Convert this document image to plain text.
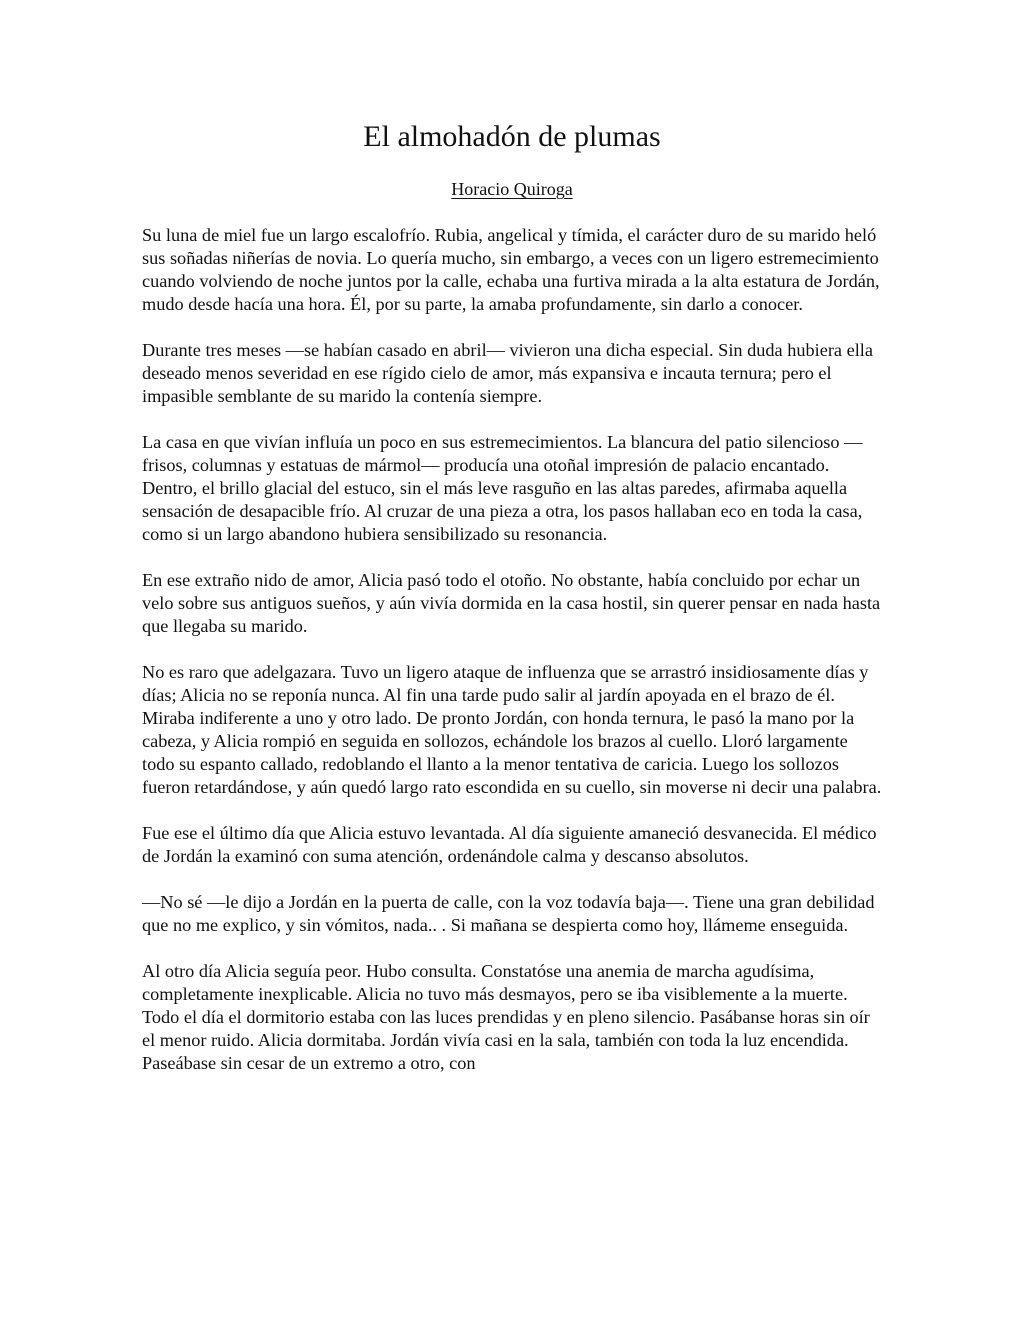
El almohadón de plumas
Horacio Quiroga

Su luna de miel fue un largo escalofrío. Rubia, angelical y tímida, el carácter duro de su marido heló sus soñadas niñerías de novia. Lo quería mucho, sin embargo, a veces con un ligero estremecimiento cuando volviendo de noche juntos por la calle, echaba una furtiva mirada a la alta estatura de Jordán, mudo desde hacía una hora. Él, por su parte, la amaba profundamente, sin darlo a conocer.

Durante tres meses —se habían casado en abril— vivieron una dicha especial. Sin duda hubiera ella deseado menos severidad en ese rígido cielo de amor, más expansiva e incauta ternura; pero el impasible semblante de su marido la contenía siempre.

La casa en que vivían influía un poco en sus estremecimientos. La blancura del patio silencioso —frisos, columnas y estatuas de mármol— producía una otoñal impresión de palacio encantado. Dentro, el brillo glacial del estuco, sin el más leve rasguño en las altas paredes, afirmaba aquella sensación de desapacible frío. Al cruzar de una pieza a otra, los pasos hallaban eco en toda la casa, como si un largo abandono hubiera sensibilizado su resonancia.

En ese extraño nido de amor, Alicia pasó todo el otoño. No obstante, había concluido por echar un velo sobre sus antiguos sueños, y aún vivía dormida en la casa hostil, sin querer pensar en nada hasta que llegaba su marido.

No es raro que adelgazara. Tuvo un ligero ataque de influenza que se arrastró insidiosamente días y días; Alicia no se reponía nunca. Al fin una tarde pudo salir al jardín apoyada en el brazo de él. Miraba indiferente a uno y otro lado. De pronto Jordán, con honda ternura, le pasó la mano por la cabeza, y Alicia rompió en seguida en sollozos, echándole los brazos al cuello. Lloró largamente todo su espanto callado, redoblando el llanto a la menor tentativa de caricia. Luego los sollozos fueron retardándose, y aún quedó largo rato escondida en su cuello, sin moverse ni decir una palabra.

Fue ese el último día que Alicia estuvo levantada. Al día siguiente amaneció desvanecida. El médico de Jordán la examinó con suma atención, ordenándole calma y descanso absolutos.

—No sé —le dijo a Jordán en la puerta de calle, con la voz todavía baja—. Tiene una gran debilidad que no me explico, y sin vómitos, nada.. . Si mañana se despierta como hoy, llámeme enseguida.

Al otro día Alicia seguía peor. Hubo consulta. Constatóse una anemia de marcha agudísima, completamente inexplicable. Alicia no tuvo más desmayos, pero se iba visiblemente a la muerte. Todo el día el dormitorio estaba con las luces prendidas y en pleno silencio. Pasábanse horas sin oír el menor ruido. Alicia dormitaba. Jordán vivía casi en la sala, también con toda la luz encendida. Paseábase sin cesar de un extremo a otro, con
